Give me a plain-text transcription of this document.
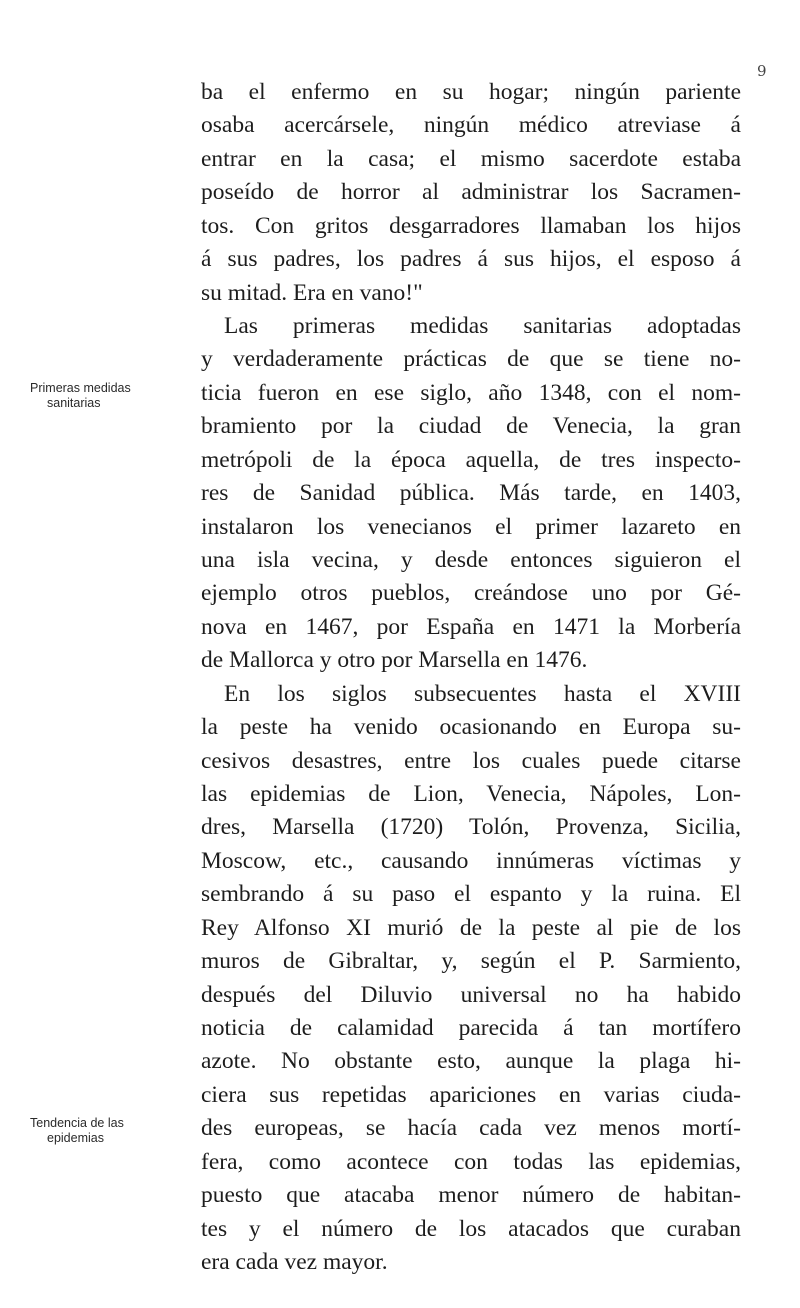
9
Primeras medidas
sanitarias
Tendencia de las
epidemias
ba el enfermo en su hogar; ningún pariente
osaba acercársele, ningún médico atreviase á
entrar en la casa; el mismo sacerdote estaba
poseído de horror al administrar los Sacramen-
tos. Con gritos desgarradores llamaban los hijos
á sus padres, los padres á sus hijos, el esposo á
su mitad. Era en vano!"
Las primeras medidas sanitarias adoptadas
y verdaderamente prácticas de que se tiene no-
ticia fueron en ese siglo, año 1348, con el nom-
bramiento por la ciudad de Venecia, la gran
metrópoli de la época aquella, de tres inspecto-
res de Sanidad pública. Más tarde, en 1403,
instalaron los venecianos el primer lazareto en
una isla vecina, y desde entonces siguieron el
ejemplo otros pueblos, creándose uno por Gé-
nova en 1467, por España en 1471 la Morbería
de Mallorca y otro por Marsella en 1476.
En los siglos subsecuentes hasta el XVIII
la peste ha venido ocasionando en Europa su-
cesivos desastres, entre los cuales puede citarse
las epidemias de Lion, Venecia, Nápoles, Lon-
dres, Marsella (1720) Tolón, Provenza, Sicilia,
Moscow, etc., causando innúmeras víctimas y
sembrando á su paso el espanto y la ruina. El
Rey Alfonso XI murió de la peste al pie de los
muros de Gibraltar, y, según el P. Sarmiento,
después del Diluvio universal no ha habido
noticia de calamidad parecida á tan mortífero
azote. No obstante esto, aunque la plaga hi-
ciera sus repetidas apariciones en varias ciuda-
des europeas, se hacía cada vez menos mortí-
fera, como acontece con todas las epidemias,
puesto que atacaba menor número de habitan-
tes y el número de los atacados que curaban
era cada vez mayor.
